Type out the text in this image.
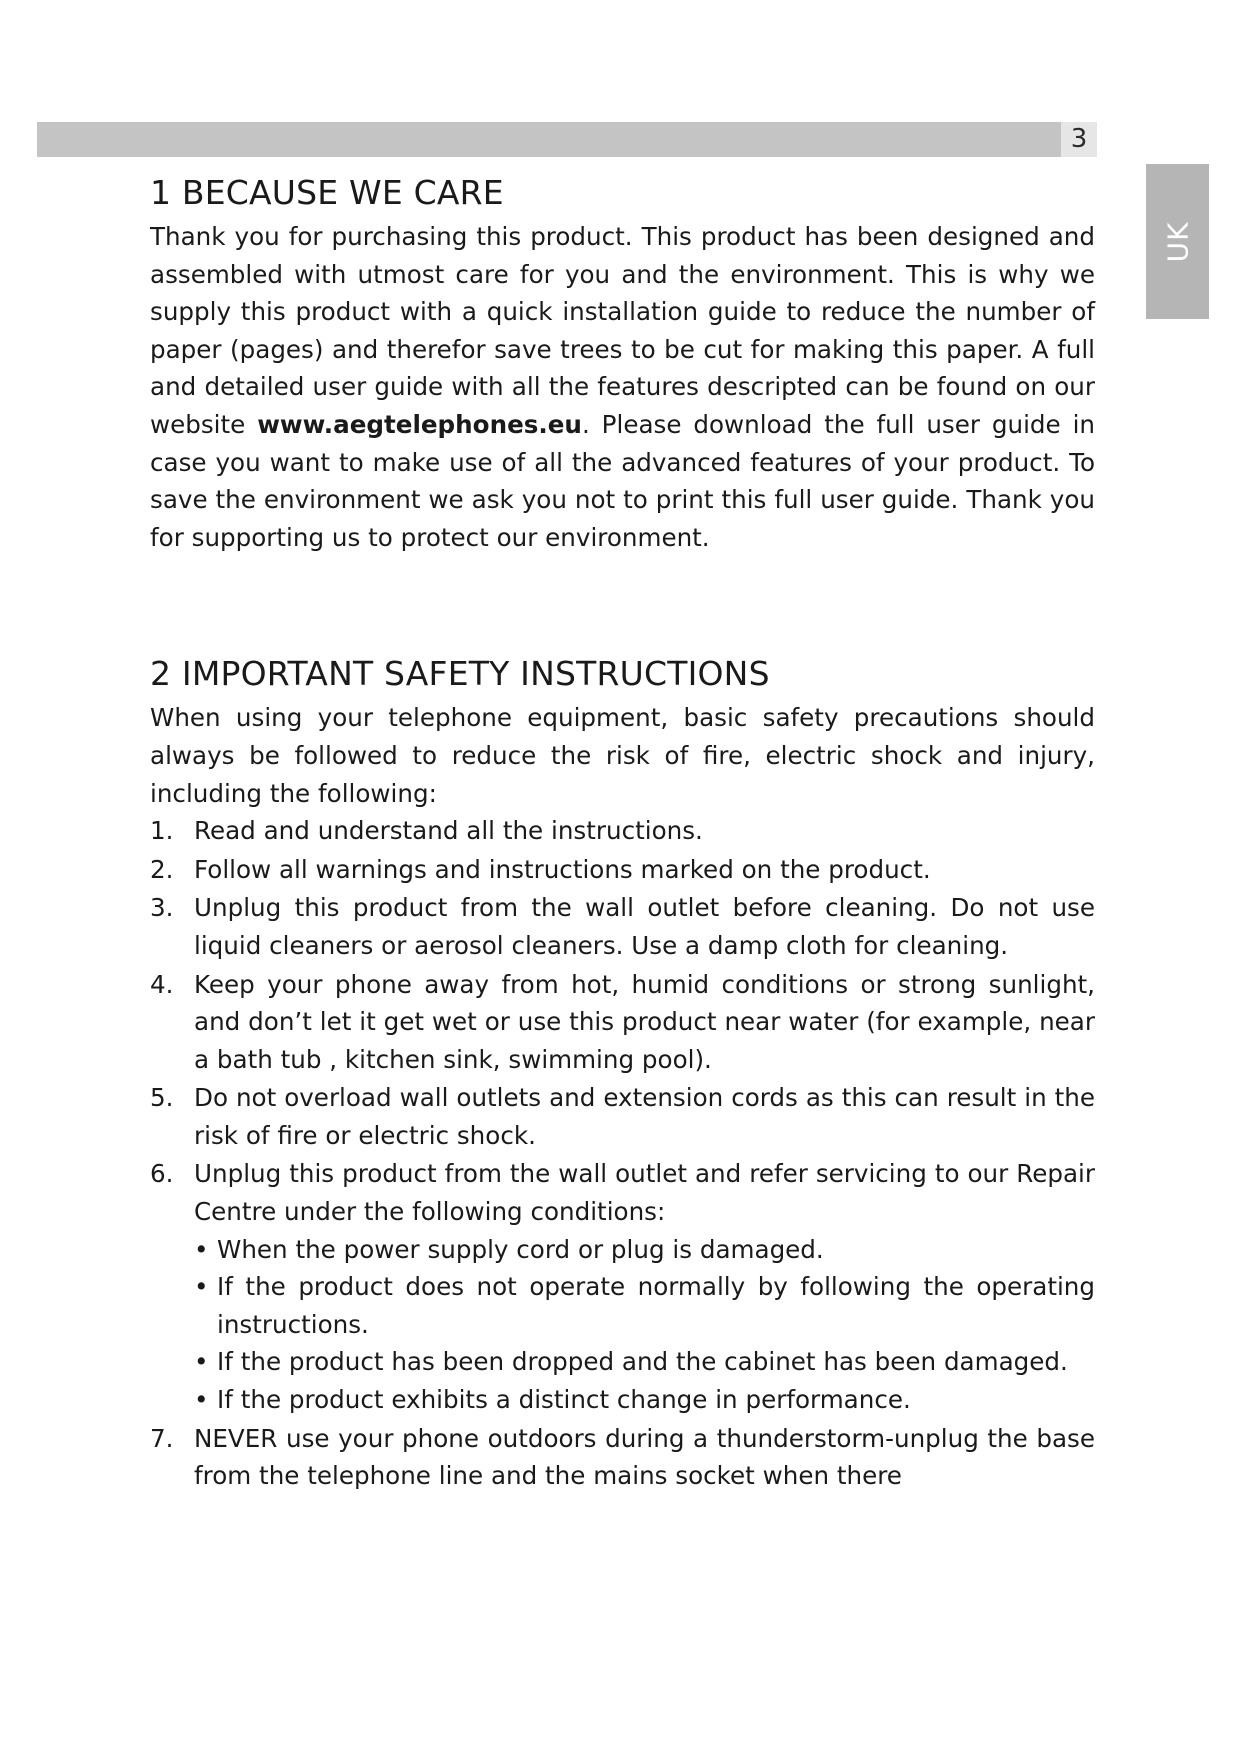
3
UK
1 BECAUSE WE CARE

Thank you for purchasing this product. This product has been designed and assembled with utmost care for you and the environment. This is why we supply this product with a quick installation guide to reduce the number of paper (pages) and therefor save trees to be cut for making this paper. A full and detailed user guide with all the features descripted can be found on our website www.aegtelephones.eu. Please download the full user guide in case you want to make use of all the advanced features of your product. To save the environment we ask you not to print this full user guide. Thank you for supporting us to protect our environment.

2 IMPORTANT SAFETY INSTRUCTIONS

When using your telephone equipment, basic safety precautions should always be followed to reduce the risk of fire, electric shock and injury, including the following:

1. Read and understand all the instructions.
2. Follow all warnings and instructions marked on the product.
3. Unplug this product from the wall outlet before cleaning. Do not use liquid cleaners or aerosol cleaners. Use a damp cloth for cleaning.
4. Keep your phone away from hot, humid conditions or strong sunlight, and don’t let it get wet or use this product near water (for example, near a bath tub , kitchen sink, swimming pool).
5. Do not overload wall outlets and extension cords as this can result in the risk of fire or electric shock.
6. Unplug this product from the wall outlet and refer servicing to our Repair Centre under the following conditions:
• When the power supply cord or plug is damaged.
• If the product does not operate normally by following the operating instructions.
• If the product has been dropped and the cabinet has been damaged.
• If the product exhibits a distinct change in performance.
7. NEVER use your phone outdoors during a thunderstorm-unplug the base from the telephone line and the mains socket when there
